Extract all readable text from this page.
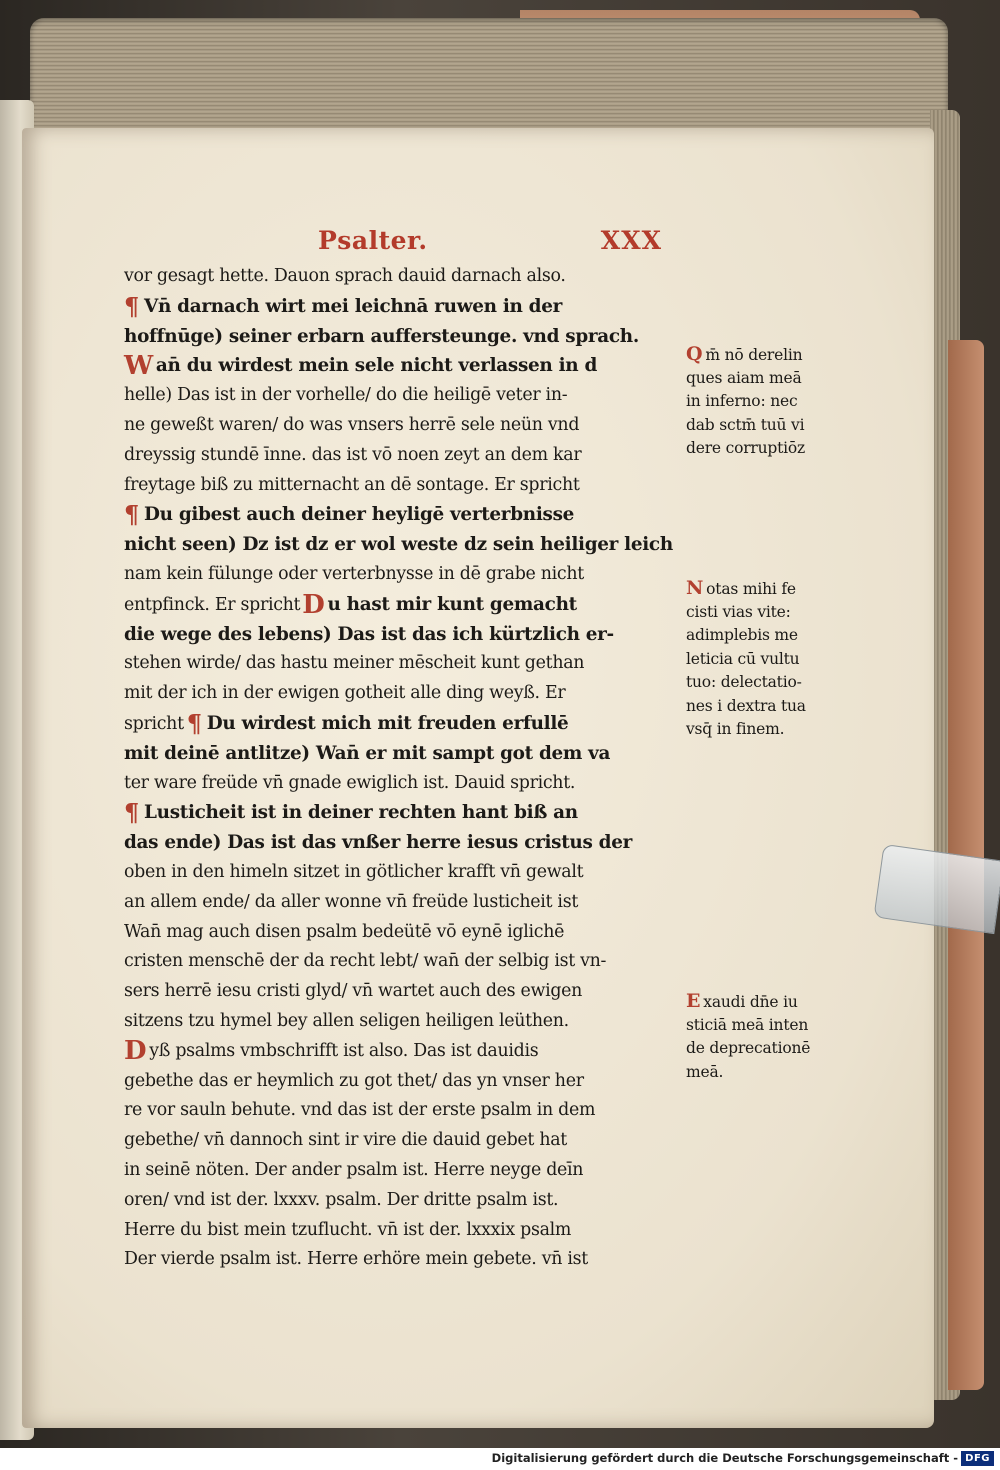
Psalter.	XXX
vor gesagt hette. Dauon sprach dauid darnach also.
¶ Vn̄ darnach wirt mei leichnā ruwen in der
hoffnūge) seiner erbarn auffersteunge. vnd sprach.
W an̄ du wirdest mein sele nicht verlassen in d
helle) Das ist in der vorhelle/ do die heiligē veter in-
ne geweßt waren/ do was vnsers herrē sele neün vnd
dreyssig stundē īnne. das ist vō noen zeyt an dem kar
freytage biß zu mitternacht an dē sontage. Er spricht
¶ Du gibest auch deiner heyligē verterbnisse
nicht seen) Dz ist dz er wol weste dz sein heiliger leich
nam kein fülunge oder verterbnysse in dē grabe nicht
entpfinck. Er sprichtD u hast mir kunt gemacht
die wege des lebens) Das ist das ich kürtzlich er-
stehen wirde/ das hastu meiner mēscheit kunt gethan
mit der ich in der ewigen gotheit alle ding weyß. Er
spricht ¶ Du wirdest mich mit freuden erfullē
mit deinē antlitze) Wan̄ er mit sampt got dem va
ter ware freüde vn̄ gnade ewiglich ist. Dauid spricht.
¶ Lusticheit ist in deiner rechten hant biß an
das ende) Das ist das vnßer herre iesus cristus der
oben in den himeln sitzet in götlicher krafft vn̄ gewalt
an allem ende/ da aller wonne vn̄ freüde lusticheit ist
Wan̄ mag auch disen psalm bedeütē vō eynē iglichē
cristen menschē der da recht lebt/ wan̄ der selbig ist vn-
sers herrē iesu cristi glyd/ vn̄ wartet auch des ewigen
sitzens tzu hymel bey allen seligen heiligen leüthen.
D yß psalms vmbschrifft ist also. Das ist dauidis
gebethe das er heymlich zu got thet/ das yn vnser her
re vor sauln behute. vnd das ist der erste psalm in dem
gebethe/ vn̄ dannoch sint ir vire die dauid gebet hat
in seinē nöten. Der ander psalm ist. Herre neyge deīn
oren/ vnd ist der. lxxxv. psalm. Der dritte psalm ist.
Herre du bist mein tzuflucht. vn̄ ist der. lxxxix psalm
Der vierde psalm ist. Herre erhöre mein gebete. vn̄ ist
Q m̄ nō derelin
ques aiam meā
in inferno: nec
dab sctm̄ tuū vi
dere corruptiōz
N otas mihi fe
cisti vias vite:
adimplebis me
leticia cū vultu
tuo: delectatio-
nes i dextra tua
vsq̄ in finem.
E xaudi dn̄e iu
sticiā meā inten
de deprecationē
meā.
Digitalisierung gefördert durch die Deutsche Forschungsgemeinschaft - DFG
